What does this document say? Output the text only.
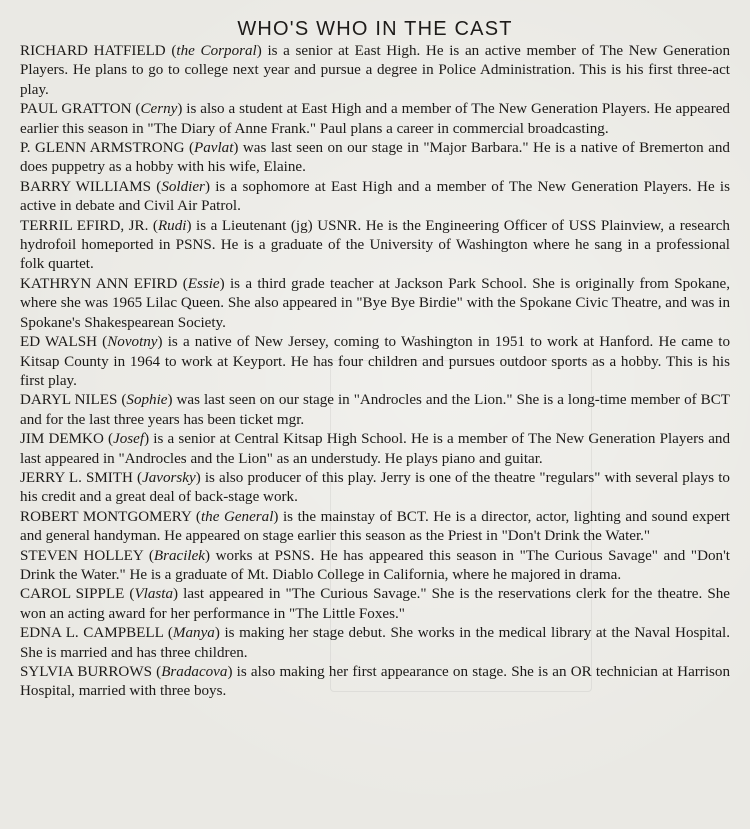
WHO'S WHO IN THE CAST

RICHARD HATFIELD (the Corporal) is a senior at East High. He is an active member of The New Generation Players. He plans to go to college next year and pursue a degree in Police Administration. This is his first three-act play.

PAUL GRATTON (Cerny) is also a student at East High and a member of The New Generation Players. He appeared earlier this season in "The Diary of Anne Frank." Paul plans a career in commercial broadcasting.

P. GLENN ARMSTRONG (Pavlat) was last seen on our stage in "Major Barbara." He is a native of Bremerton and does puppetry as a hobby with his wife, Elaine.

BARRY WILLIAMS (Soldier) is a sophomore at East High and a member of The New Generation Players. He is active in debate and Civil Air Patrol.

TERRIL EFIRD, JR. (Rudi) is a Lieutenant (jg) USNR. He is the Engineering Officer of USS Plainview, a research hydrofoil homeported in PSNS. He is a graduate of the University of Washington where he sang in a professional folk quartet.

KATHRYN ANN EFIRD (Essie) is a third grade teacher at Jackson Park School. She is originally from Spokane, where she was 1965 Lilac Queen. She also appeared in "Bye Bye Birdie" with the Spokane Civic Theatre, and was in Spokane's Shakespearean Society.

ED WALSH (Novotny) is a native of New Jersey, coming to Washington in 1951 to work at Hanford. He came to Kitsap County in 1964 to work at Keyport. He has four children and pursues outdoor sports as a hobby. This is his first play.

DARYL NILES (Sophie) was last seen on our stage in "Androcles and the Lion." She is a long-time member of BCT and for the last three years has been ticket mgr.

JIM DEMKO (Josef) is a senior at Central Kitsap High School. He is a member of The New Generation Players and last appeared in "Androcles and the Lion" as an understudy. He plays piano and guitar.

JERRY L. SMITH (Javorsky) is also producer of this play. Jerry is one of the theatre "regulars" with several plays to his credit and a great deal of back-stage work.

ROBERT MONTGOMERY (the General) is the mainstay of BCT. He is a director, actor, lighting and sound expert and general handyman. He appeared on stage earlier this season as the Priest in "Don't Drink the Water."

STEVEN HOLLEY (Bracilek) works at PSNS. He has appeared this season in "The Curious Savage" and "Don't Drink the Water." He is a graduate of Mt. Diablo College in California, where he majored in drama.

CAROL SIPPLE (Vlasta) last appeared in "The Curious Savage." She is the reservations clerk for the theatre. She won an acting award for her performance in "The Little Foxes."

EDNA L. CAMPBELL (Manya) is making her stage debut. She works in the medical library at the Naval Hospital. She is married and has three children.

SYLVIA BURROWS (Bradacova) is also making her first appearance on stage. She is an OR technician at Harrison Hospital, married with three boys.
